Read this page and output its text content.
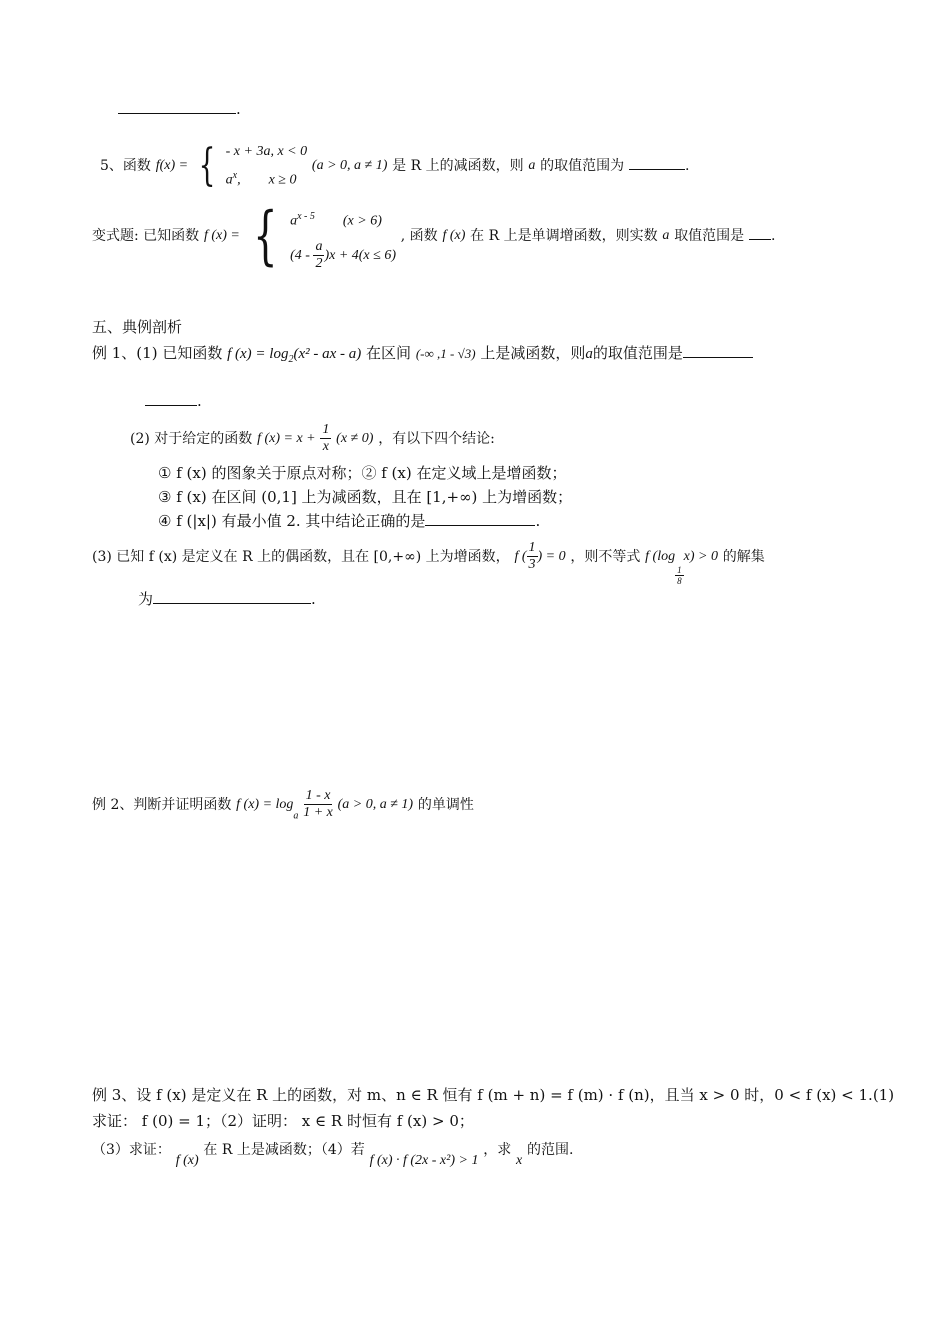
.
5、函数 f(x) = { - x + 3a, x < 0
$a^x$,        x ≥ 0 (a > 0, a ≠ 1) 是 R 上的减函数，则 a 的取值范围为	.
变式题: 已知函数 f (x) = { $a^{x - 5}$ (x > 6)
$(4 - \frac{a}{2} )x + 4(x \le 6)$ , 函数 f (x) 在 R 上是单调增函数，则实数 a 取值范围是 .
五、典例剖析
例 1、(1) 已知函数 f $(x) = \log_2(x^2$ - ax - a) 在区间 (-∞ ,1 - √3) 上是减函数，则a的取值范围是
.
(2) 对于给定的函数 f $(x) = x + \frac{1}{x} (x \ne 0)$ ，有以下四个结论:
① f (x) 的图象关于原点对称；② f (x) 在定义域上是增函数；
③ f (x) 在区间 (0,1] 上为减函数，且在 [1,+∞) 上为增函数；
④ f (|x|) 有最小值 2. 其中结论正确的是	.
(3) 已知 f (x) 是定义在 R 上的偶函数，且在 [0,+∞) 上为增函数， f ( $\frac{1}{3}$ ) = 0 ，则不等式 f (log
$\frac{1}{8}$
x) > 0 的解集
为	.
例 2、判断并证明函数 f $(x) = \log_a \frac{1 - x}{1 + x} (a > 0$, a ≠ 1) 的单调性
例 3、设 f (x) 是定义在 R 上的函数，对 m、n ∈ R 恒有 f (m + n) = f (m) · f (n)，且当 x > 0 时，0 < f (x) < 1.(1)
求证： f (0) = 1；（2）证明： x ∈ R 时恒有 f (x) > 0；
（3）求证： f (x) 在 R 上是减函数；（4）若 f (x) · f (2x - x²) > 1 ，求 x 的范围.
